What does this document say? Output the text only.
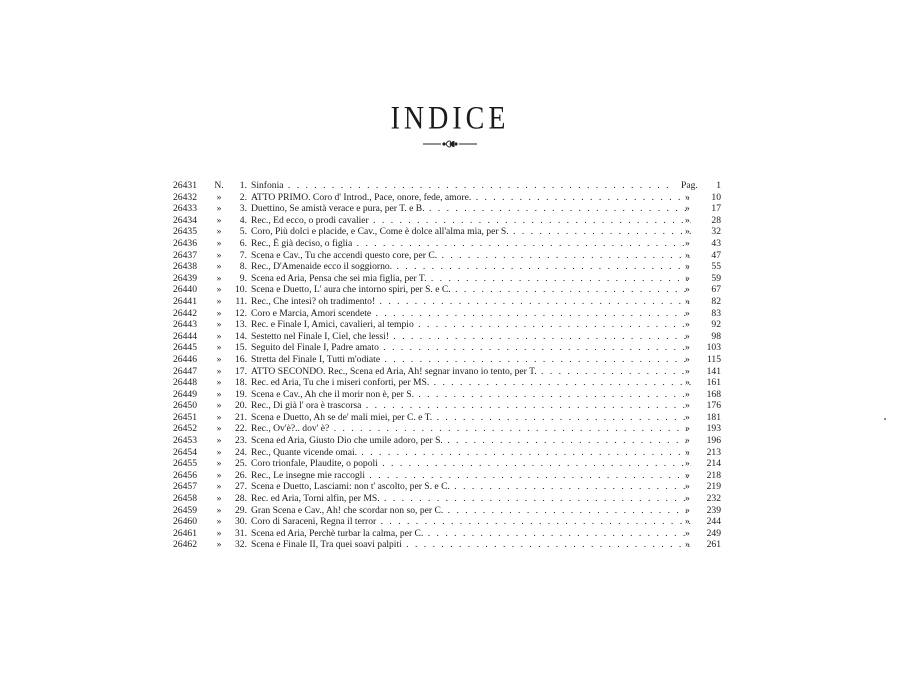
INDICE
26431	N.	1. Sinfonia . .	Pag.	1
26432	»	2. ATTO PRIMO. Coro d' Introd., Pace, onore, fede, amore. . .	»	10
26433	»	3. Duettino, Se amistà verace e pura, per T. e B. . .	»	17
26434	»	4. Rec., Ed ecco, o prodi cavalier . .	»	28
26435	»	5. Coro, Più dolci e placide, e Cav., Come è dolce all'alma mia, per S. . .	»	32
26436	»	6. Rec., È già deciso, o figlia . .	»	43
26437	»	7. Scena e Cav., Tu che accendi questo core, per C. . .	»	47
26438	»	8. Rec., D'Amenaide ecco il soggiorno. . .	»	55
26439	»	9. Scena ed Aria, Pensa che sei mia figlia, per T. . .	»	59
26440	»	10. Scena e Duetto, L' aura che intorno spiri, per S. e C. . .	»	67
26441	»	11. Rec., Che intesi? oh tradimento! . .	»	82
26442	»	12. Coro e Marcia, Amori scendete . .	»	83
26443	»	13. Rec. e Finale I, Amici, cavalieri, al tempio . .	»	92
26444	»	14. Sestetto nel Finale I, Ciel, che lessi! . .	»	98
26445	»	15. Seguito del Finale I, Padre amato . .	»	103
26446	»	16. Stretta del Finale I, Tutti m'odiate . .	»	115
26447	»	17. ATTO SECONDO. Rec., Scena ed Aria, Ah! segnar invano io tento, per T. . .	»	141
26448	»	18. Rec. ed Aria, Tu che i miseri conforti, per MS. . .	»	161
26449	»	19. Scena e Cav., Ah che il morir non è, per S. . .	»	168
26450	»	20. Rec., Di già l' ora è trascorsa . .	»	176
26451	»	21. Scena e Duetto, Ah se de' mali miei, per C. e T. . .	»	181
26452	»	22. Rec., Ov'è?.. dov' è? . .	»	193
26453	»	23. Scena ed Aria, Giusto Dio che umile adoro, per S. . .	»	196
26454	»	24. Rec., Quante vicende omai. . .	»	213
26455	»	25. Coro trionfale, Plaudite, o popoli . .	»	214
26456	»	26. Rec., Le insegne mie raccogli . .	»	218
26457	»	27. Scena e Duetto, Lasciami: non t' ascolto, per S. e C. . .	»	219
26458	»	28. Rec. ed Aria, Torni alfin, per MS. . .	»	232
26459	»	29. Gran Scena e Cav., Ah! che scordar non so, per C. . .	»	239
26460	»	30. Coro di Saraceni, Regna il terror . .	»	244
26461	»	31. Scena ed Aria, Perchè turbar la calma, per C. . .	»	249
26462	»	32. Scena e Finale II, Tra quei soavi palpiti . .	»	261
